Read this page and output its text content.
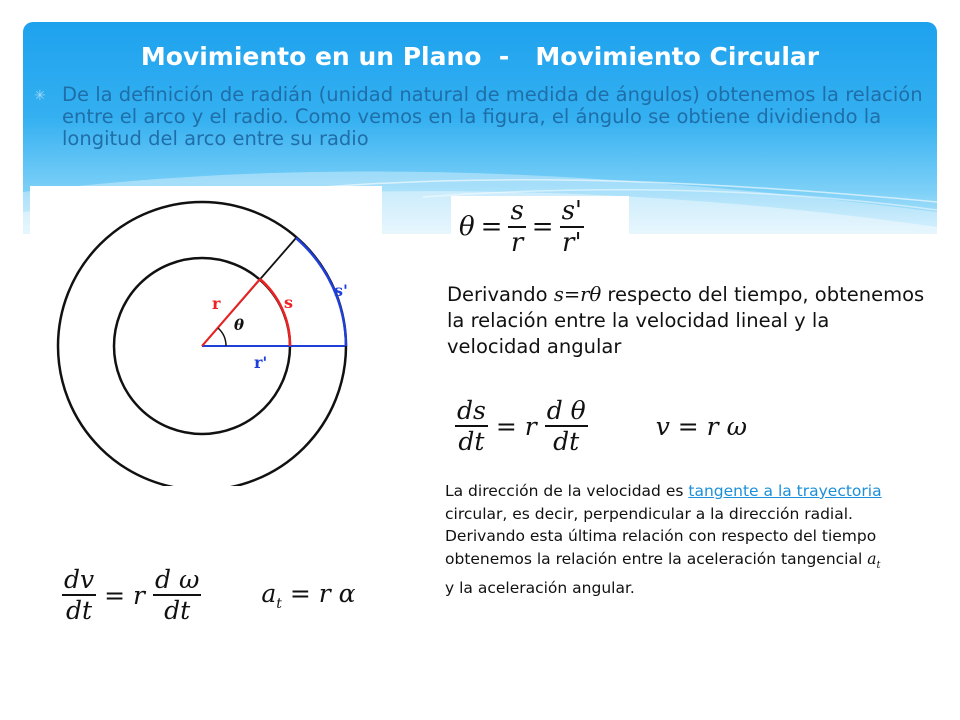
Movimiento en un Plano  -   Movimiento Circular
✳ De la definición de radián (unidad natural de medida de ángulos) obtenemos la relación entre el arco y el radio. Como vemos en la figura, el ángulo se obtiene dividiendo la longitud del arco entre su radio

r
θ
s
s'
r'
$\theta = \frac{s}{r} = \frac{s'}{r'}$

Derivando s=rθ respecto del tiempo, obtenemos la relación entre la velocidad lineal y la velocidad angular

$\frac{ds}{dt} = r \frac{\text{d θ}}{dt}$	v = r ω

La dirección de la velocidad es tangente a la trayectoria circular, es decir, perpendicular a la dirección radial. Derivando esta última relación con respecto del tiempo obtenemos la relación entre la aceleración tangencial $a_t$ y la aceleración angular.

$\frac{dv}{dt} = r \frac{\text{d ω}}{dt} a_t = r$ α
